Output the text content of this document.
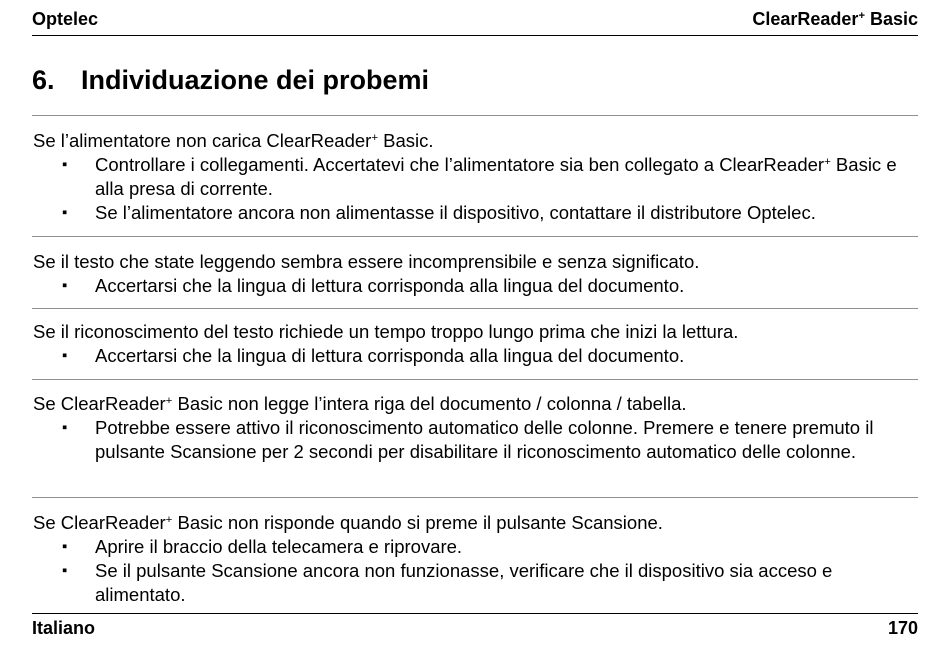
Optelec	ClearReader+ Basic
6. Individuazione dei probemi

Se l’alimentatore non carica ClearReader+ Basic.

▪ Controllare i collegamenti. Accertatevi che l’alimentatore sia ben collegato a ClearReader+ Basic e alla presa di corrente.
▪ Se l’alimentatore ancora non alimentasse il dispositivo, contattare il distributore Optelec.

Se il testo che state leggendo sembra essere incomprensibile e senza significato.

▪ Accertarsi che la lingua di lettura corrisponda alla lingua del documento.

Se il riconoscimento del testo richiede un tempo troppo lungo prima che inizi la lettura.

▪ Accertarsi che la lingua di lettura corrisponda alla lingua del documento.

Se ClearReader+ Basic non legge l’intera riga del documento / colonna / tabella.

▪ Potrebbe essere attivo il riconoscimento automatico delle colonne. Premere e tenere premuto il pulsante Scansione per 2 secondi per disabilitare il riconoscimento automatico delle colonne.

Se ClearReader+ Basic non risponde quando si preme il pulsante Scansione.

▪ Aprire il braccio della telecamera e riprovare.
▪ Se il pulsante Scansione ancora non funzionasse, verificare che il dispositivo sia acceso e alimentato.
Italiano	170
